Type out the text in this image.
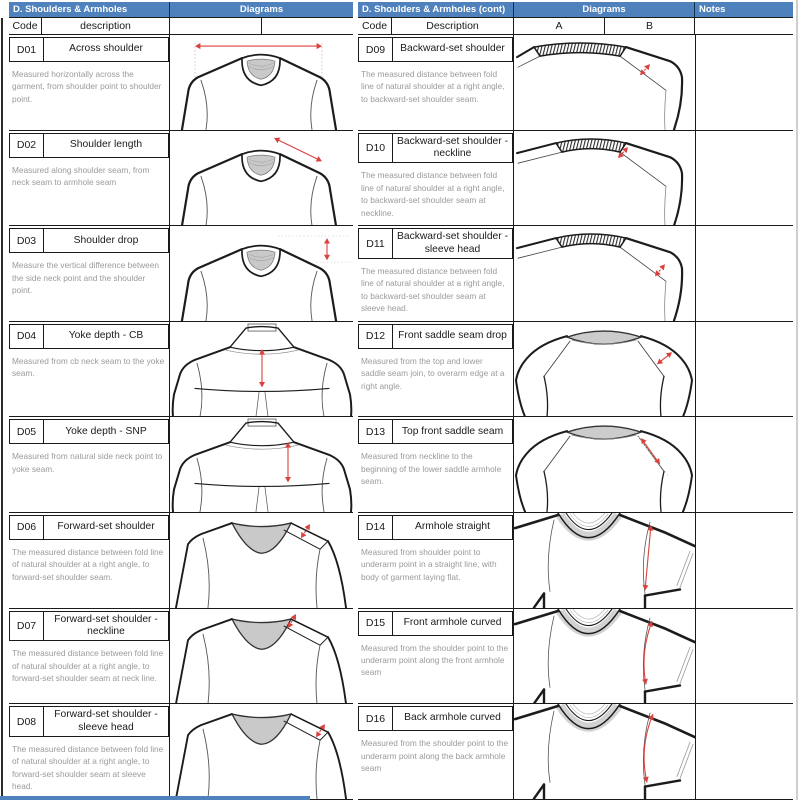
D. Shoulders & Armholes	Diagrams
Code	description
D01	Across shoulder
Measured horizontally across the garment, from shoulder point to shoulder point.
D02	Shoulder length
Measured along shoulder seam, from neck seam to armhole seam
D03	Shoulder drop
Measure the vertical difference between the side neck point and the shoulder point.
D04	Yoke depth - CB
Measured from cb neck seam to the yoke seam.
D05	Yoke depth - SNP
Measured from natural side neck point to yoke seam.
D06	Forward-set shoulder
The measured distance between fold line of natural shoulder at a right angle, to forward-set shoulder seam.
D07
Forward-set shoulder - neckline
The measured distance between fold line of natural shoulder at a right angle, to forward-set shoulder seam at neck line.
D08
Forward-set shoulder - sleeve head
The measured distance between fold line of natural shoulder at a right angle, to forward-set shoulder seam at sleeve head.
D. Shoulders & Armholes (cont)	Diagrams	Notes
Code	Description	A	B
D09	Backward-set shoulder
The measured distance between fold line of natural shoulder at a right angle, to backward-set shoulder seam.
D10
Backward-set shoulder - neckline
The measured distance between fold line of natural shoulder at a right angle, to backward-set shoulder seam at neckline.
D11
Backward-set shoulder - sleeve head
The measured distance between fold line of natural shoulder at a right angle, to backward-set shoulder seam at sleeve head.
D12	Front saddle seam drop
Measured from the top and lower saddle seam join, to overarm edge at a right angle.
D13	Top front saddle seam
Measured from neckline to the beginning of the lower saddle armhole seam.
D14	Armhole straight
Measured from shoulder point to underarm point in a straight line, with body of garment laying flat.
D15	Front armhole curved
Measured from the shoulder point to the underarm point along the front armhole seam
D16	Back armhole curved
Measured from the shoulder point to the underarm point along the back armhole seam
